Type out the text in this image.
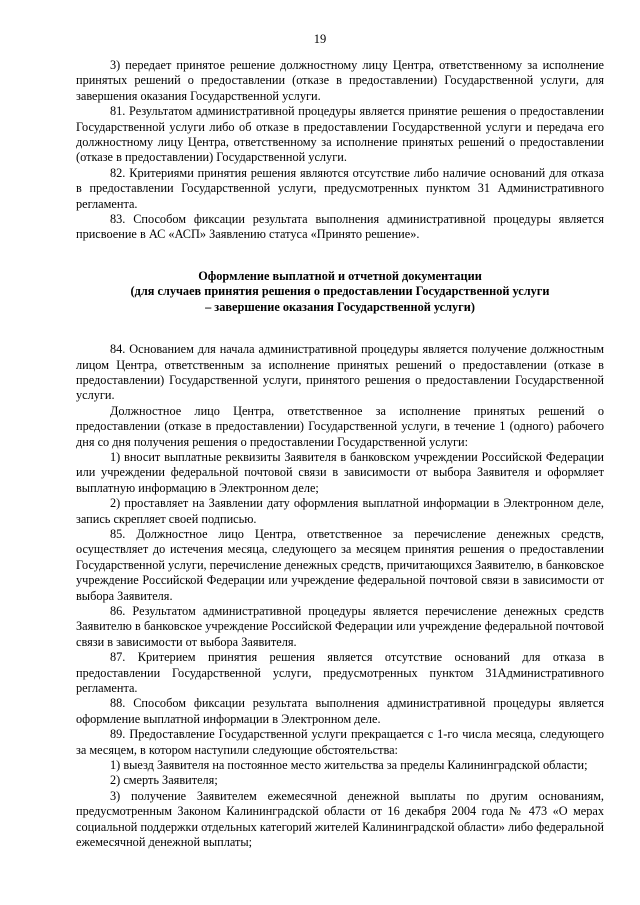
19

3) передает принятое решение должностному лицу Центра, ответственному за исполнение принятых решений о предоставлении (отказе в предоставлении) Государственной услуги, для завершения оказания Государственной услуги.

81. Результатом административной процедуры является принятие решения о предоставлении Государственной услуги либо об отказе в предоставлении Государственной услуги и передача его должностному лицу Центра, ответственному за исполнение принятых решений о предоставлении (отказе в предоставлении) Государственной услуги.

82. Критериями принятия решения являются отсутствие либо наличие оснований для отказа в предоставлении Государственной услуги, предусмотренных пунктом 31 Административного регламента.

83. Способом фиксации результата выполнения административной процедуры является присвоение в АС «АСП» Заявлению статуса «Принято решение».

Оформление выплатной и отчетной документации

(для случаев принятия решения о предоставлении Государственной услуги

– завершение оказания Государственной услуги)

84. Основанием для начала административной процедуры является получение должностным лицом Центра, ответственным за исполнение принятых решений о предоставлении (отказе в предоставлении) Государственной услуги, принятого решения о предоставлении Государственной услуги.

Должностное лицо Центра, ответственное за исполнение принятых решений о предоставлении (отказе в предоставлении) Государственной услуги, в течение 1 (одного) рабочего дня со дня получения решения о предоставлении Государственной услуги:

1) вносит выплатные реквизиты Заявителя в банковском учреждении Российской Федерации или учреждении федеральной почтовой связи в зависимости от выбора Заявителя и оформляет выплатную информацию в Электронном деле;

2) проставляет на Заявлении дату оформления выплатной информации в Электронном деле, запись скрепляет своей подписью.

85. Должностное лицо Центра, ответственное за перечисление денежных средств, осуществляет до истечения месяца, следующего за месяцем принятия решения о предоставлении Государственной услуги, перечисление денежных средств, причитающихся Заявителю, в банковское учреждение Российской Федерации или учреждение федеральной почтовой связи в зависимости от выбора Заявителя.

86. Результатом административной процедуры является перечисление денежных средств Заявителю в банковское учреждение Российской Федерации или учреждение федеральной почтовой связи в зависимости от выбора Заявителя.

87. Критерием принятия решения является отсутствие оснований для отказа в предоставлении Государственной услуги, предусмотренных пунктом 31Административного регламента.

88. Способом фиксации результата выполнения административной процедуры является оформление выплатной информации в Электронном деле.

89. Предоставление Государственной услуги прекращается с 1-го числа месяца, следующего за месяцем, в котором наступили следующие обстоятельства:

1) выезд Заявителя на постоянное место жительства за пределы Калининградской области;

2) смерть Заявителя;

3) получение Заявителем ежемесячной денежной выплаты по другим основаниям, предусмотренным Законом Калининградской области от 16 декабря 2004 года № 473 «О мерах социальной поддержки отдельных категорий жителей Калининградской области» либо федеральной ежемесячной денежной выплаты;
